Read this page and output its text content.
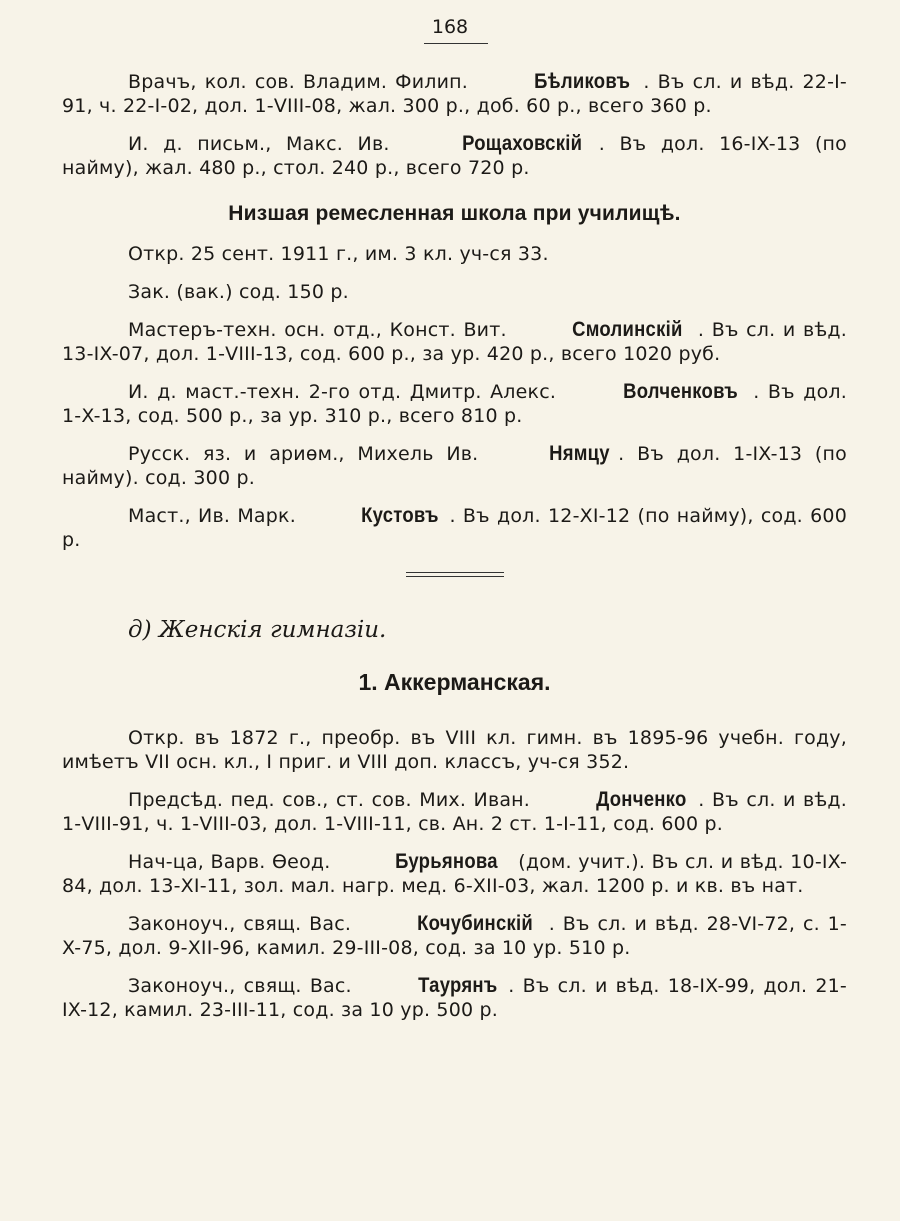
168

Врачъ, кол. сов. Владим. Филип.	Бѣликовъ . Въ сл. и вѣд. 22-I-91, ч. 22-I-02, дол. 1-VIII-08, жал. 300 р., доб. 60 р., всего 360 р.

И. д. письм., Макс. Ив.	Рощаховскій . Въ дол. 16-IX-13 (по найму), жал. 480 р., стол. 240 р., всего 720 р.

Низшая ремесленная школа при училищѣ.

Откр. 25 сент. 1911 г., им. 3 кл. уч-ся 33.

Зак. (вак.) сод. 150 р.

Мастеръ-техн. осн. отд., Конст. Вит.	Смолинскій . Въ сл. и вѣд. 13-IX-07, дол. 1-VIII-13, сод. 600 р., за ур. 420 р., всего 1020 руб.

И. д. маст.-техн. 2-го отд. Дмитр. Алекс.	Волченковъ . Въ дол. 1-X-13, сод. 500 р., за ур. 310 р., всего 810 р.

Русск. яз. и ариѳм., Михель Ив.	Нямцу . Въ дол. 1-IX-13 (по найму). сод. 300 р.

Маст., Ив. Марк.	Кустовъ . Въ дол. 12-XI-12 (по найму), сод. 600 р.

д) Женскія гимназіи.
1. Аккерманская.

Откр. въ 1872 г., преобр. въ VIII кл. гимн. въ 1895-96 учебн. году, имѣетъ VII осн. кл., I приг. и VIII доп. классъ, уч-ся 352.

Предсѣд. пед. сов., ст. сов. Мих. Иван.	Донченко . Въ сл. и вѣд. 1-VIII-91, ч. 1-VIII-03, дол. 1-VIII-11, св. Ан. 2 ст. 1-I-11, сод. 600 р.

Нач-ца, Варв. Ѳеод.	Бурьянова (дом. учит.). Въ сл. и вѣд. 10-IX-84, дол. 13-XI-11, зол. мал. нагр. мед. 6-XII-03, жал. 1200 р. и кв. въ нат.

Законоуч., свящ. Вас.	Кочубинскій . Въ сл. и вѣд. 28-VI-72, с. 1-X-75, дол. 9-XII-96, камил. 29-III-08, сод. за 10 ур. 510 р.

Законоуч., свящ. Вас.	Таурянъ . Въ сл. и вѣд. 18-IX-99, дол. 21-IX-12, камил. 23-III-11, сод. за 10 ур. 500 р.
